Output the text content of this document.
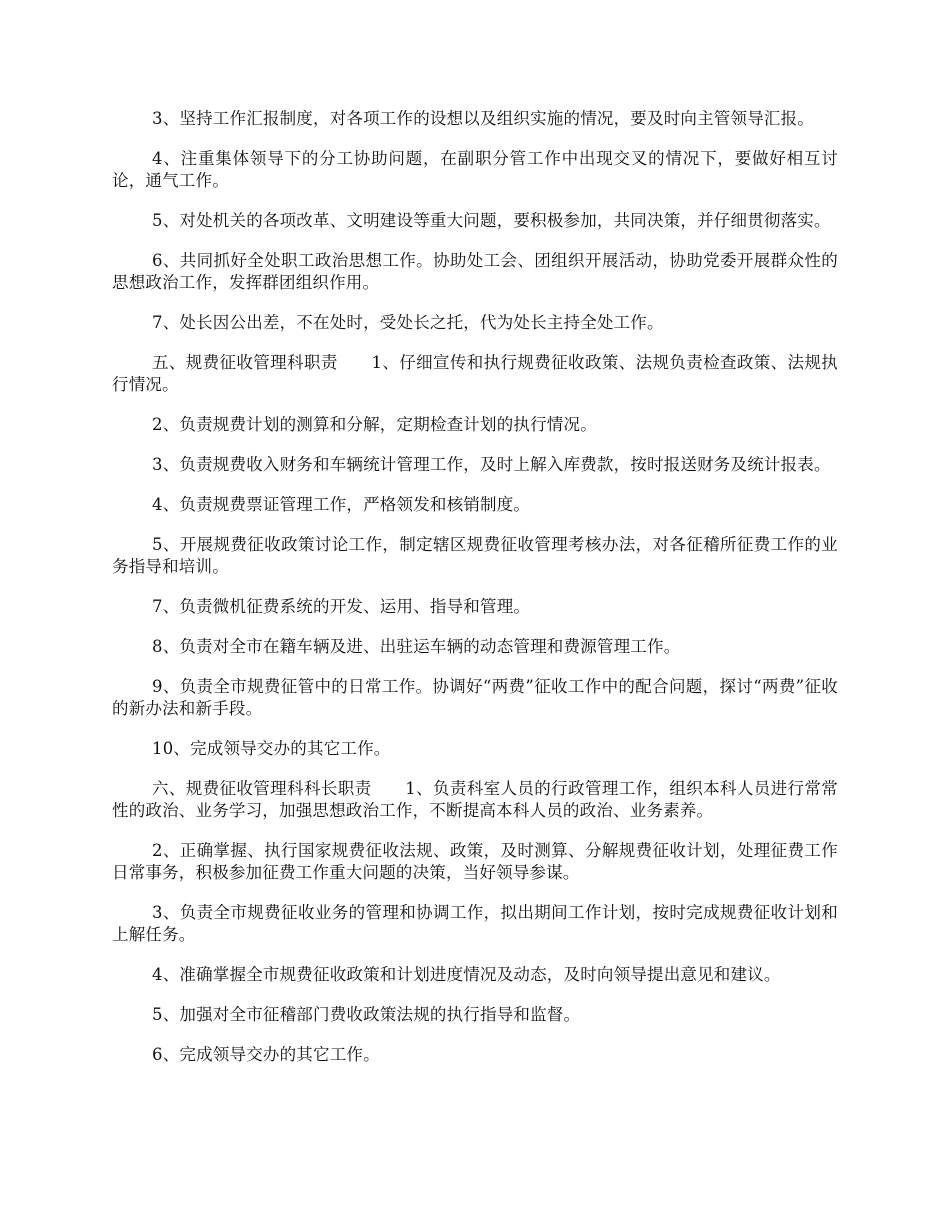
3、坚持工作汇报制度，对各项工作的设想以及组织实施的情况，要及时向主管领导汇报。

4、注重集体领导下的分工协助问题，在副职分管工作中出现交叉的情况下，要做好相互讨论，通气工作。

5、对处机关的各项改革、文明建设等重大问题，要积极参加，共同决策，并仔细贯彻落实。

6、共同抓好全处职工政治思想工作。协助处工会、团组织开展活动，协助党委开展群众性的思想政治工作，发挥群团组织作用。

7、处长因公出差，不在处时，受处长之托，代为处长主持全处工作。

五、规费征收管理科职责　　1、仔细宣传和执行规费征收政策、法规负责检查政策、法规执行情况。

2、负责规费计划的测算和分解，定期检查计划的执行情况。

3、负责规费收入财务和车辆统计管理工作，及时上解入库费款，按时报送财务及统计报表。

4、负责规费票证管理工作，严格领发和核销制度。

5、开展规费征收政策讨论工作，制定辖区规费征收管理考核办法，对各征稽所征费工作的业务指导和培训。

7、负责微机征费系统的开发、运用、指导和管理。

8、负责对全市在籍车辆及进、出驻运车辆的动态管理和费源管理工作。

9、负责全市规费征管中的日常工作。协调好“两费”征收工作中的配合问题，探讨“两费”征收的新办法和新手段。

10、完成领导交办的其它工作。

六、规费征收管理科科长职责　　1、负责科室人员的行政管理工作，组织本科人员进行常常性的政治、业务学习，加强思想政治工作，不断提高本科人员的政治、业务素养。

2、正确掌握、执行国家规费征收法规、政策，及时测算、分解规费征收计划，处理征费工作日常事务，积极参加征费工作重大问题的决策，当好领导参谋。

3、负责全市规费征收业务的管理和协调工作，拟出期间工作计划，按时完成规费征收计划和上解任务。

4、准确掌握全市规费征收政策和计划进度情况及动态，及时向领导提出意见和建议。

5、加强对全市征稽部门费收政策法规的执行指导和监督。

6、完成领导交办的其它工作。
